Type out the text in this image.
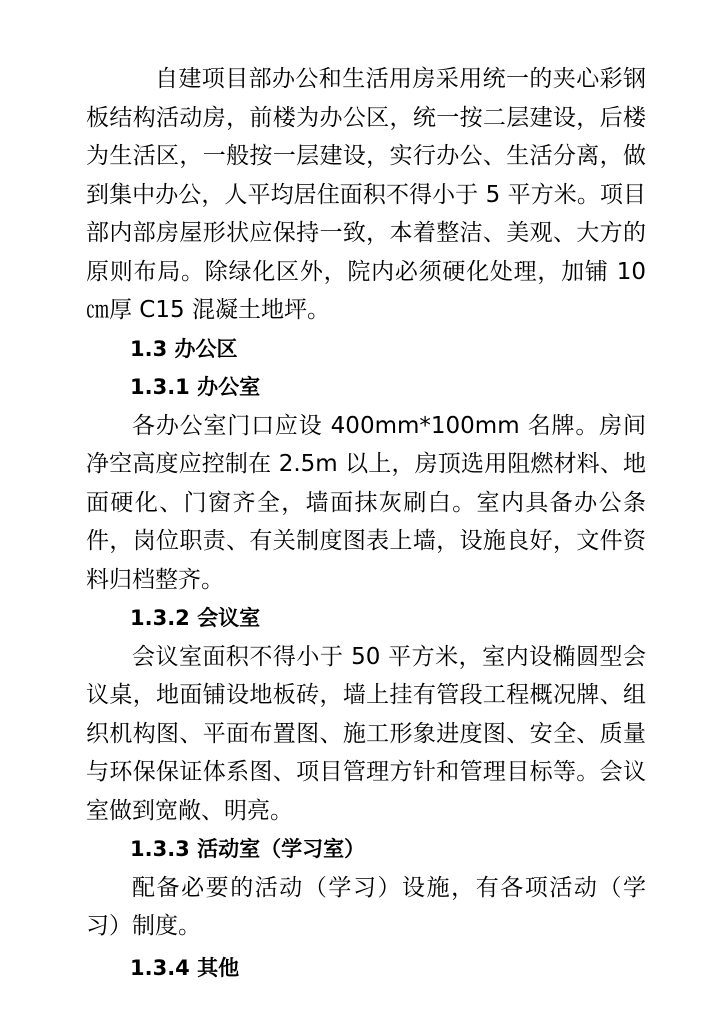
自建项目部办公和生活用房采用统一的夹心彩钢板结构活动房，前楼为办公区，统一按二层建设，后楼为生活区，一般按一层建设，实行办公、生活分离，做到集中办公，人平均居住面积不得小于 5 平方米。项目部内部房屋形状应保持一致，本着整洁、美观、大方的原则布局。除绿化区外，院内必须硬化处理，加铺 10㎝厚 C15 混凝土地坪。

1.3 办公区
1.3.1 办公室

各办公室门口应设 400mm*100mm 名牌。房间净空高度应控制在 2.5m 以上，房顶选用阻燃材料、地面硬化、门窗齐全，墙面抹灰刷白。室内具备办公条件，岗位职责、有关制度图表上墙，设施良好，文件资料归档整齐。

1.3.2 会议室

会议室面积不得小于 50 平方米，室内设椭圆型会议桌，地面铺设地板砖，墙上挂有管段工程概况牌、组织机构图、平面布置图、施工形象进度图、安全、质量与环保保证体系图、项目管理方针和管理目标等。会议室做到宽敞、明亮。

1.3.3 活动室（学习室）

配备必要的活动（学习）设施，有各项活动（学习）制度。

1.3.4 其他
